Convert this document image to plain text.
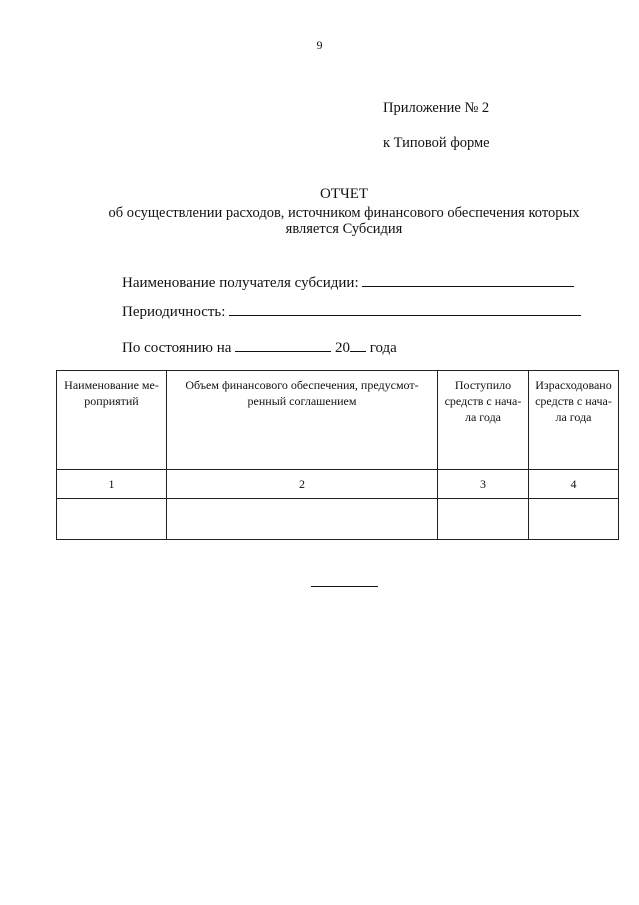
9
Приложение № 2
к Типовой форме
ОТЧЕТ
об осуществлении расходов, источником финансового обеспечения которых
является Субсидия
Наименование получателя субсидии:
Периодичность:
По состоянию на	20 года
Наименование ме-роприятий	Объем финансового обеспечения, предусмот-ренный соглашением	Поступило средств с нача-ла года	Израсходовано средств с нача-ла года
1	2	3	4
